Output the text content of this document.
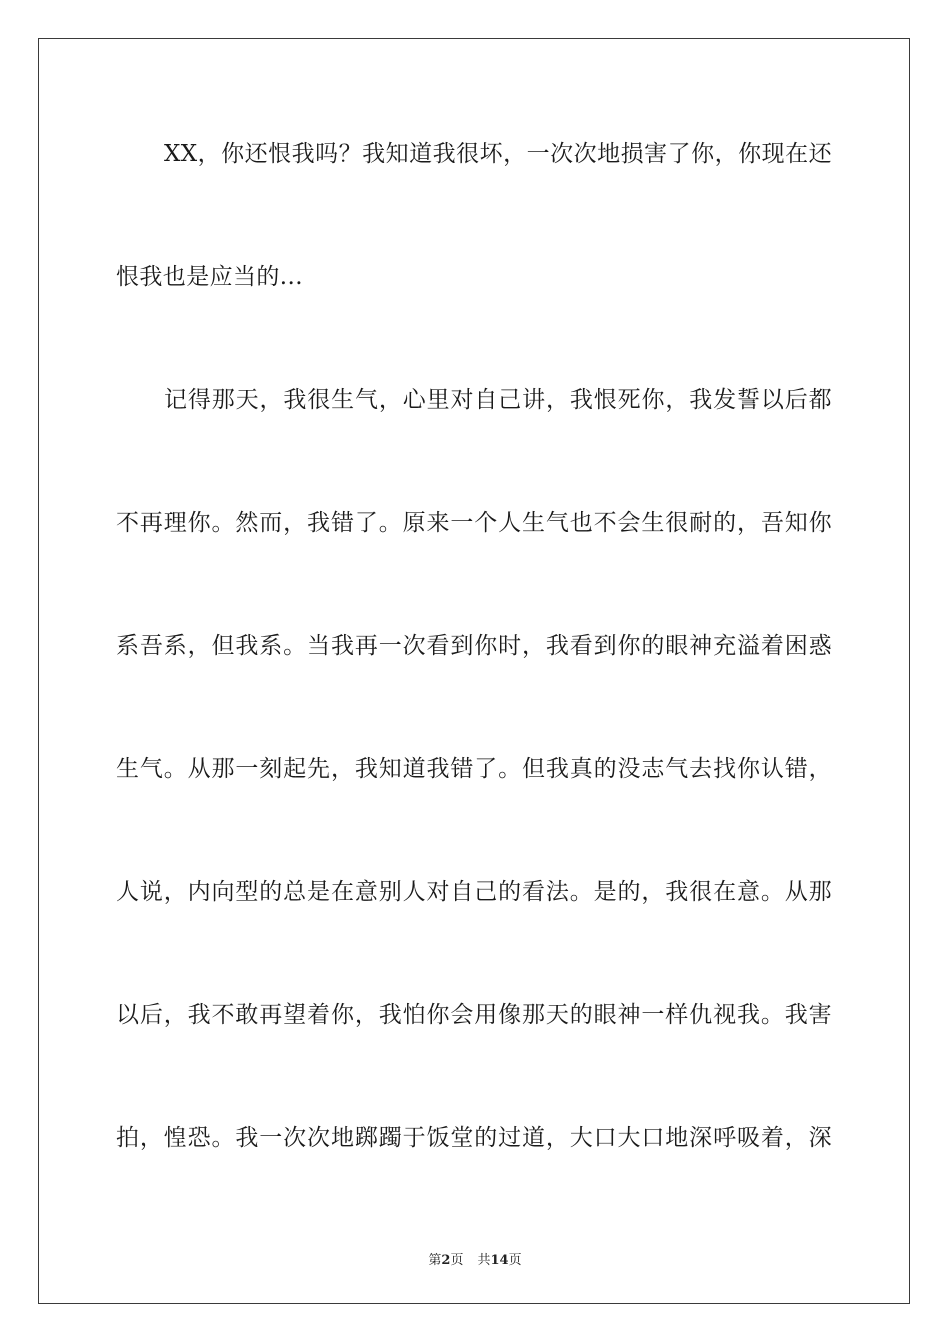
XX，你还恨我吗？我知道我很坏，一次次地损害了你，你现在还
恨我也是应当的...
记得那天，我很生气，心里对自己讲，我恨死你，我发誓以后都
不再理你。然而，我错了。原来一个人生气也不会生很耐的，吾知你
系吾系，但我系。当我再一次看到你时，我看到你的眼神充溢着困惑
生气。从那一刻起先，我知道我错了。但我真的没志气去找你认错，
人说，内向型的总是在意别人对自己的看法。是的，我很在意。从那
以后，我不敢再望着你，我怕你会用像那天的眼神一样仇视我。我害
拍，惶恐。我一次次地踯躅于饭堂的过道，大口大口地深呼吸着，深
第2页 共14页
